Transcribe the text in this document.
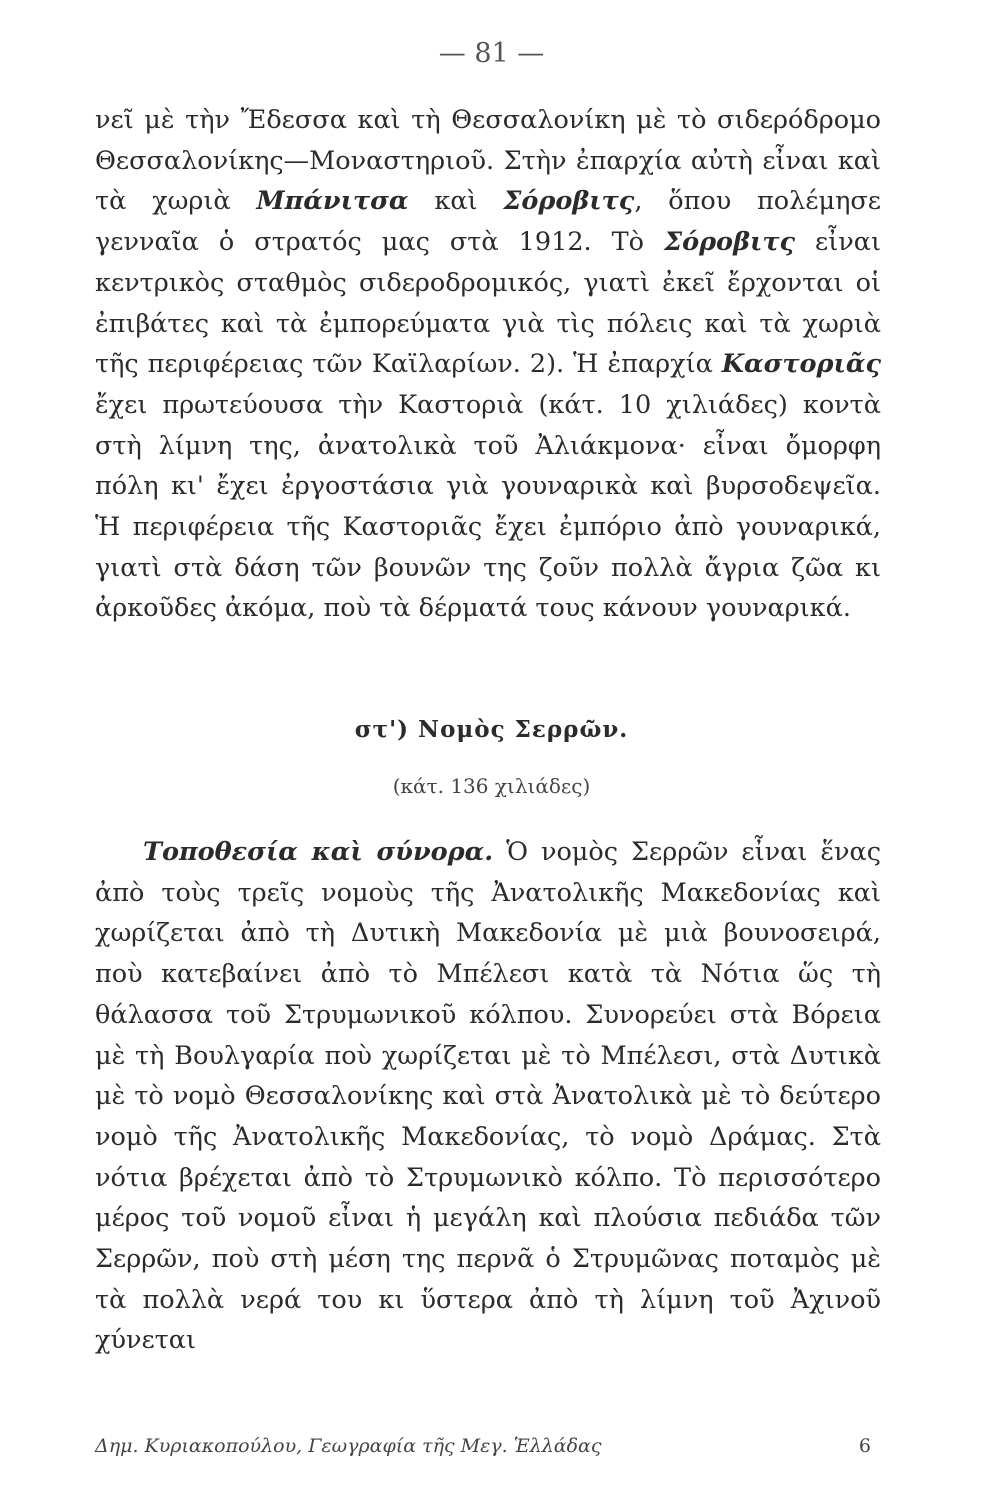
— 81 —
νεῖ μὲ τὴν Ἔδεσσα καὶ τὴ Θεσσαλονίκη μὲ τὸ σιδερόδρομο Θεσσαλονίκης—Μοναστηριοῦ. Στὴν ἐπαρχία αὐτὴ εἶναι καὶ τὰ χωριὰ Μπάνιτσα καὶ Σόροβιτς, ὅπου πολέμησε γενναῖα ὁ στρατός μας στὰ 1912. Τὸ Σόροβιτς εἶναι κεντρικὸς σταθμὸς σιδεροδρομικός, γιατὶ ἐκεῖ ἔρχονται οἱ ἐπιβάτες καὶ τὰ ἐμπορεύματα γιὰ τὶς πόλεις καὶ τὰ χωριὰ τῆς περιφέρειας τῶν Καϊλαρίων. 2). Ἡ ἐπαρχία Καστοριᾶς ἔχει πρωτεύουσα τὴν Καστοριὰ (κάτ. 10 χιλιάδες) κοντὰ στὴ λίμνη της, ἀνατολικὰ τοῦ Ἀλιάκμονα· εἶναι ὄμορφη πόλη κι' ἔχει ἐργοστάσια γιὰ γουναρικὰ καὶ βυρσοδεψεῖα. Ἡ περιφέρεια τῆς Καστοριᾶς ἔχει ἐμπόριο ἀπὸ γουναρικά, γιατὶ στὰ δάση τῶν βουνῶν της ζοῦν πολλὰ ἄγρια ζῶα κι ἀρκοῦδες ἀκόμα, ποὺ τὰ δέρματά τους κάνουν γουναρικά.
στ') Νομὸς Σερρῶν.
(κάτ. 136 χιλιάδες)
Τοποθεσία καὶ σύνορα. Ὁ νομὸς Σερρῶν εἶναι ἕνας ἀπὸ τοὺς τρεῖς νομοὺς τῆς Ἀνατολικῆς Μακεδονίας καὶ χωρίζεται ἀπὸ τὴ Δυτικὴ Μακεδονία μὲ μιὰ βουνοσειρά, ποὺ κατεβαίνει ἀπὸ τὸ Μπέλεσι κατὰ τὰ Νότια ὥς τὴ θάλασσα τοῦ Στρυμωνικοῦ κόλπου. Συνορεύει στὰ Βόρεια μὲ τὴ Βουλγαρία ποὺ χωρίζεται μὲ τὸ Μπέλεσι, στὰ Δυτικὰ μὲ τὸ νομὸ Θεσσαλονίκης καὶ στὰ Ἀνατολικὰ μὲ τὸ δεύτερο νομὸ τῆς Ἀνατολικῆς Μακεδονίας, τὸ νομὸ Δράμας. Στὰ νότια βρέχεται ἀπὸ τὸ Στρυμωνικὸ κόλπο. Τὸ περισσότερο μέρος τοῦ νομοῦ εἶναι ἡ μεγάλη καὶ πλούσια πεδιάδα τῶν Σερρῶν, ποὺ στὴ μέση της περνᾶ ὁ Στρυμῶνας ποταμὸς μὲ τὰ πολλὰ νερά του κι ὕστερα ἀπὸ τὴ λίμνη τοῦ Ἀχινοῦ χύνεται
Δημ. Κυριακοπούλου, Γεωγραφία τῆς Μεγ. Ἑλλάδας	6
